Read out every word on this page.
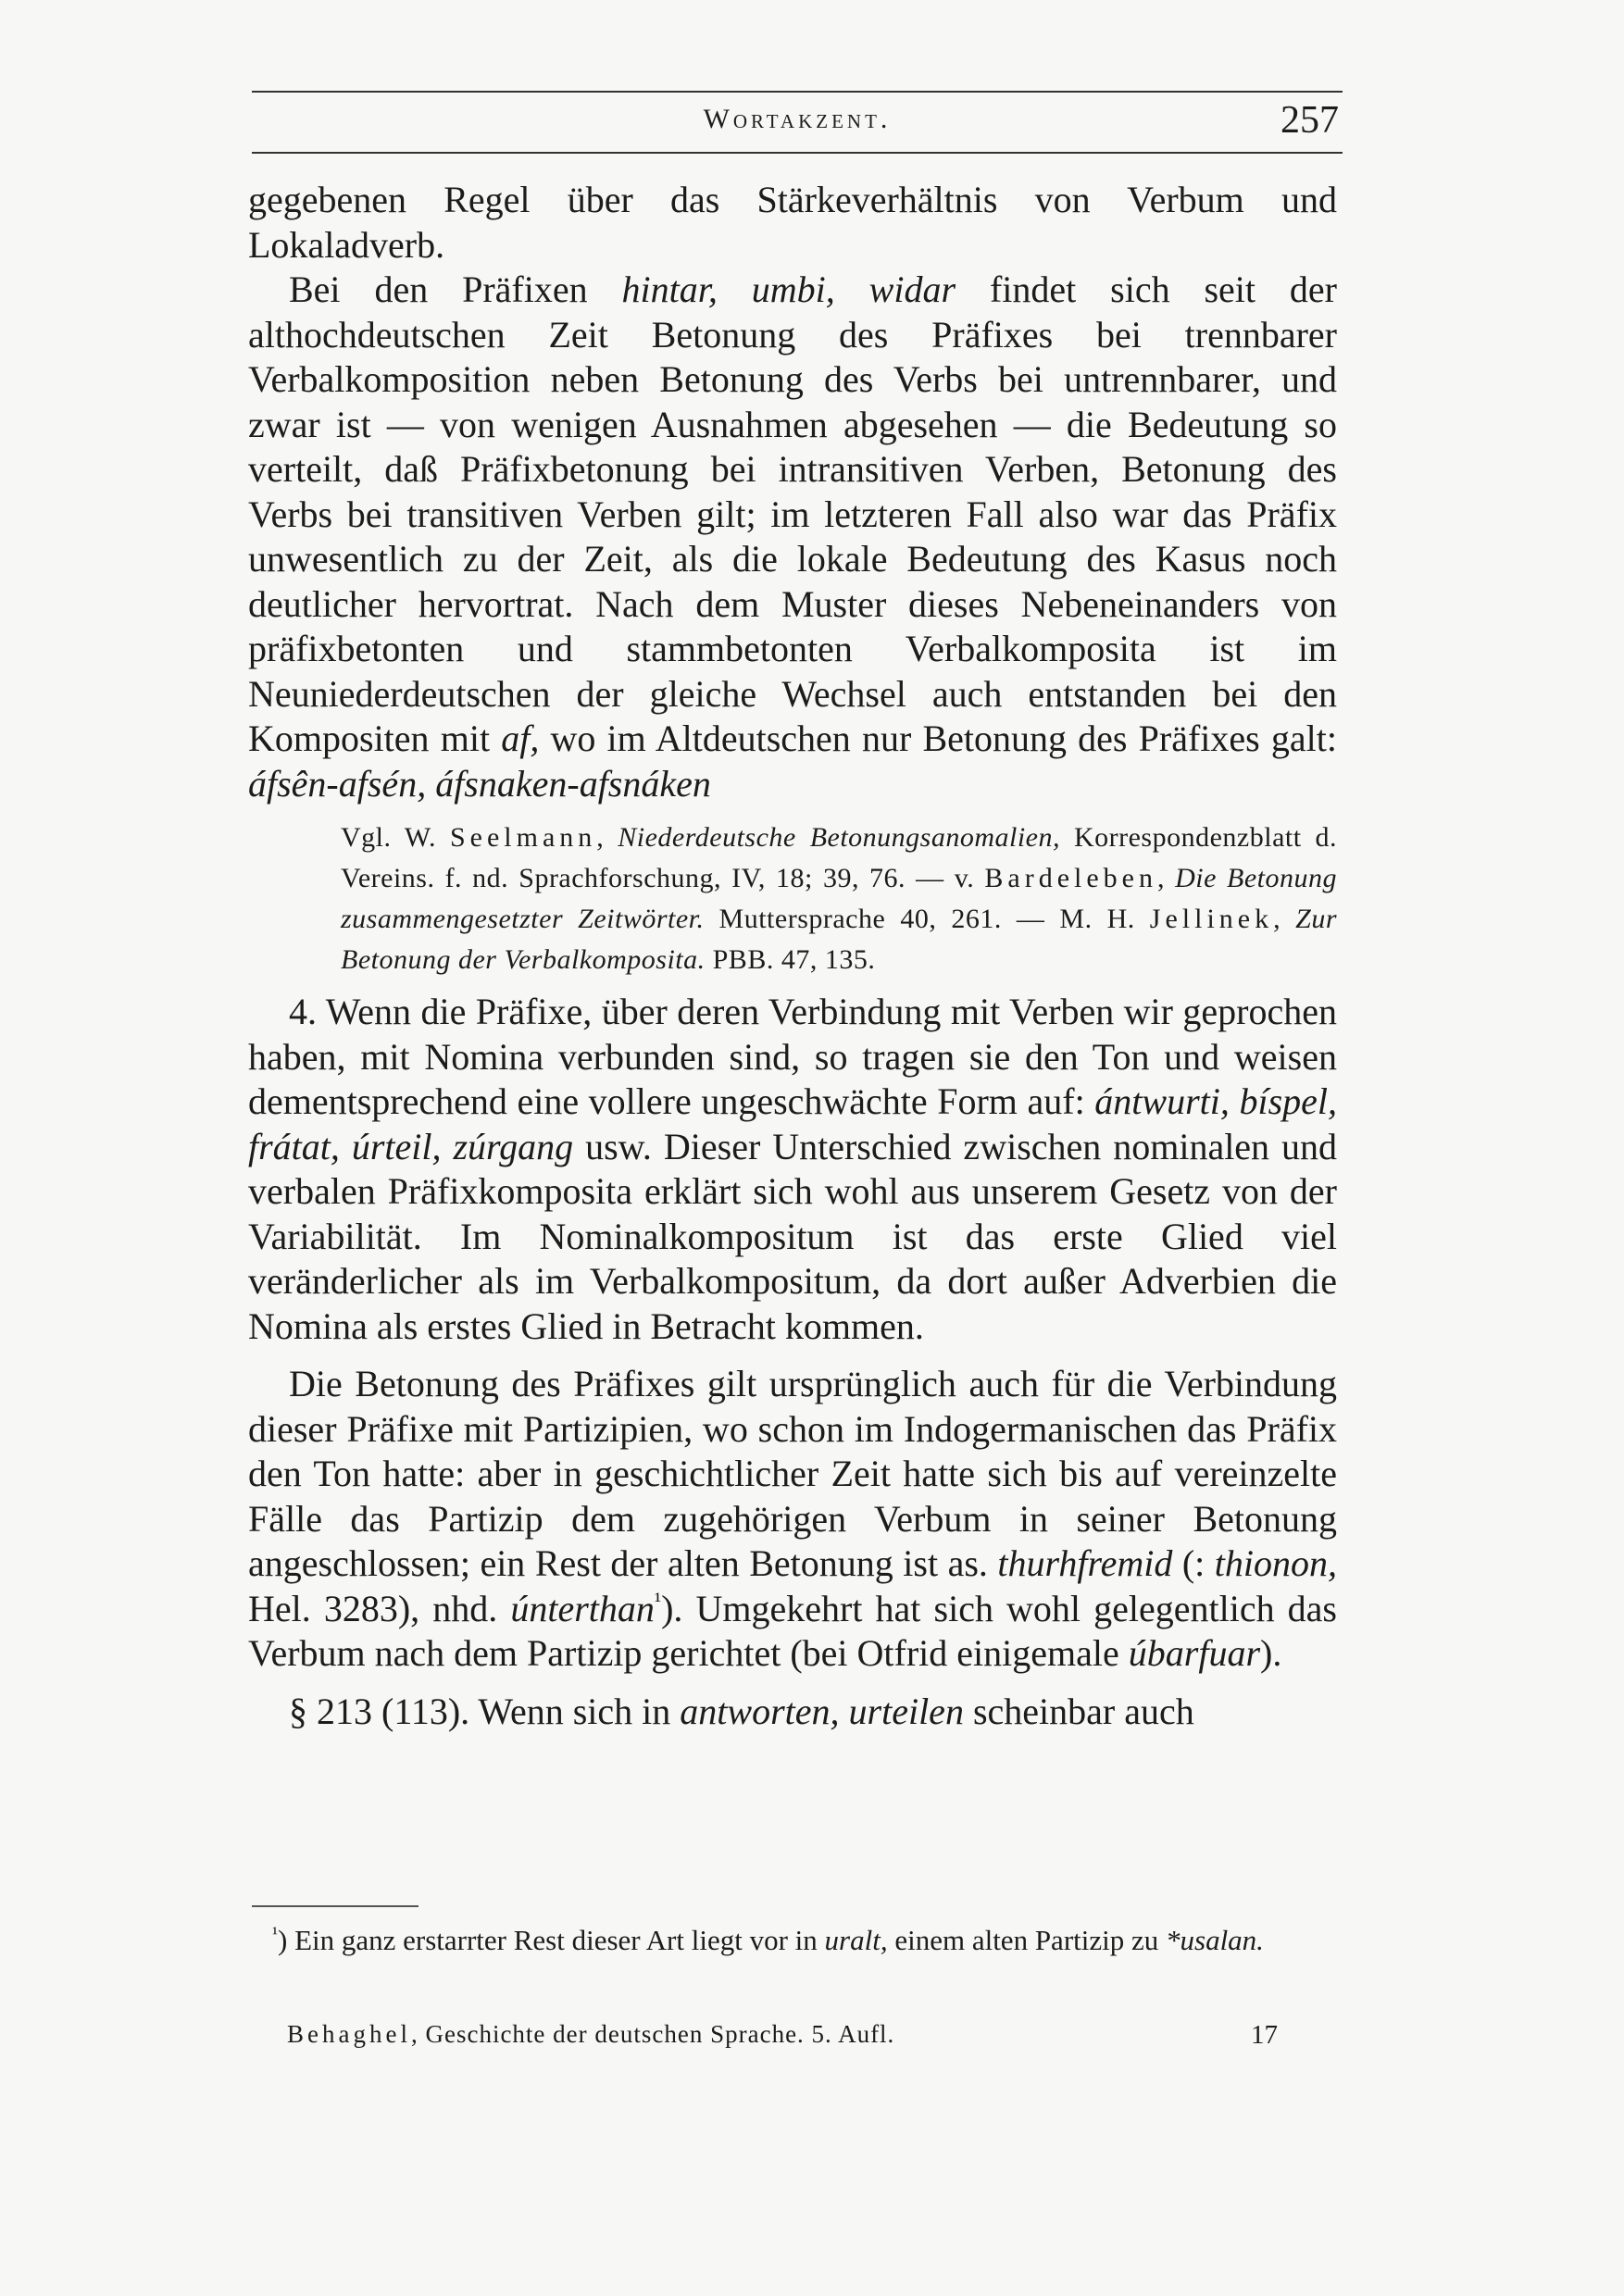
Wortakzent.	257

gegebenen Regel über das Stärkeverhältnis von Verbum und Lokaladverb.

Bei den Präfixen hintar, umbi, widar findet sich seit der althochdeutschen Zeit Betonung des Präfixes bei trennbarer Verbalkomposition neben Betonung des Verbs bei untrennbarer, und zwar ist — von wenigen Ausnahmen abgesehen — die Bedeutung so verteilt, daß Präfixbetonung bei intransitiven Verben, Betonung des Verbs bei transitiven Verben gilt; im letzteren Fall also war das Präfix unwesentlich zu der Zeit, als die lokale Bedeutung des Kasus noch deutlicher hervortrat. Nach dem Muster dieses Nebeneinanders von präfixbetonten und stammbetonten Verbalkomposita ist im Neuniederdeutschen der gleiche Wechsel auch entstanden bei den Kompositen mit af, wo im Altdeutschen nur Betonung des Präfixes galt: áfsên-afsén, áfsnaken-afsnáken

Vgl. W. Seelmann, Niederdeutsche Betonungsanomalien, Korrespondenzblatt d. Vereins. f. nd. Sprachforschung, IV, 18; 39, 76. — v. Bardeleben, Die Betonung zusammengesetzter Zeitwörter. Muttersprache 40, 261. — M. H. Jellinek, Zur Betonung der Verbalkomposita. PBB. 47, 135.

4. Wenn die Präfixe, über deren Verbindung mit Verben wir geprochen haben, mit Nomina verbunden sind, so tragen sie den Ton und weisen dementsprechend eine vollere ungeschwächte Form auf: ántwurti, bíspel, frátat, úrteil, zúrgang usw. Dieser Unterschied zwischen nominalen und verbalen Präfixkomposita erklärt sich wohl aus unserem Gesetz von der Variabilität. Im Nominalkompositum ist das erste Glied viel veränderlicher als im Verbalkompositum, da dort außer Adverbien die Nomina als erstes Glied in Betracht kommen.

Die Betonung des Präfixes gilt ursprünglich auch für die Verbindung dieser Präfixe mit Partizipien, wo schon im Indogermanischen das Präfix den Ton hatte: aber in geschichtlicher Zeit hatte sich bis auf vereinzelte Fälle das Partizip dem zugehörigen Verbum in seiner Betonung angeschlossen; ein Rest der alten Betonung ist as. thurhfremid (: thionon, Hel. 3283), nhd. únterthan$^{^1}$). Umgekehrt hat sich wohl gelegentlich das Verbum nach dem Partizip gerichtet (bei Otfrid einigemale úbarfuar).

§ 213 (113). Wenn sich in antworten, urteilen scheinbar auch

$^{^1}$) Ein ganz erstarrter Rest dieser Art liegt vor in uralt, einem alten Partizip zu *usalan.
Behaghel, Geschichte der deutschen Sprache. 5. Aufl.	17
